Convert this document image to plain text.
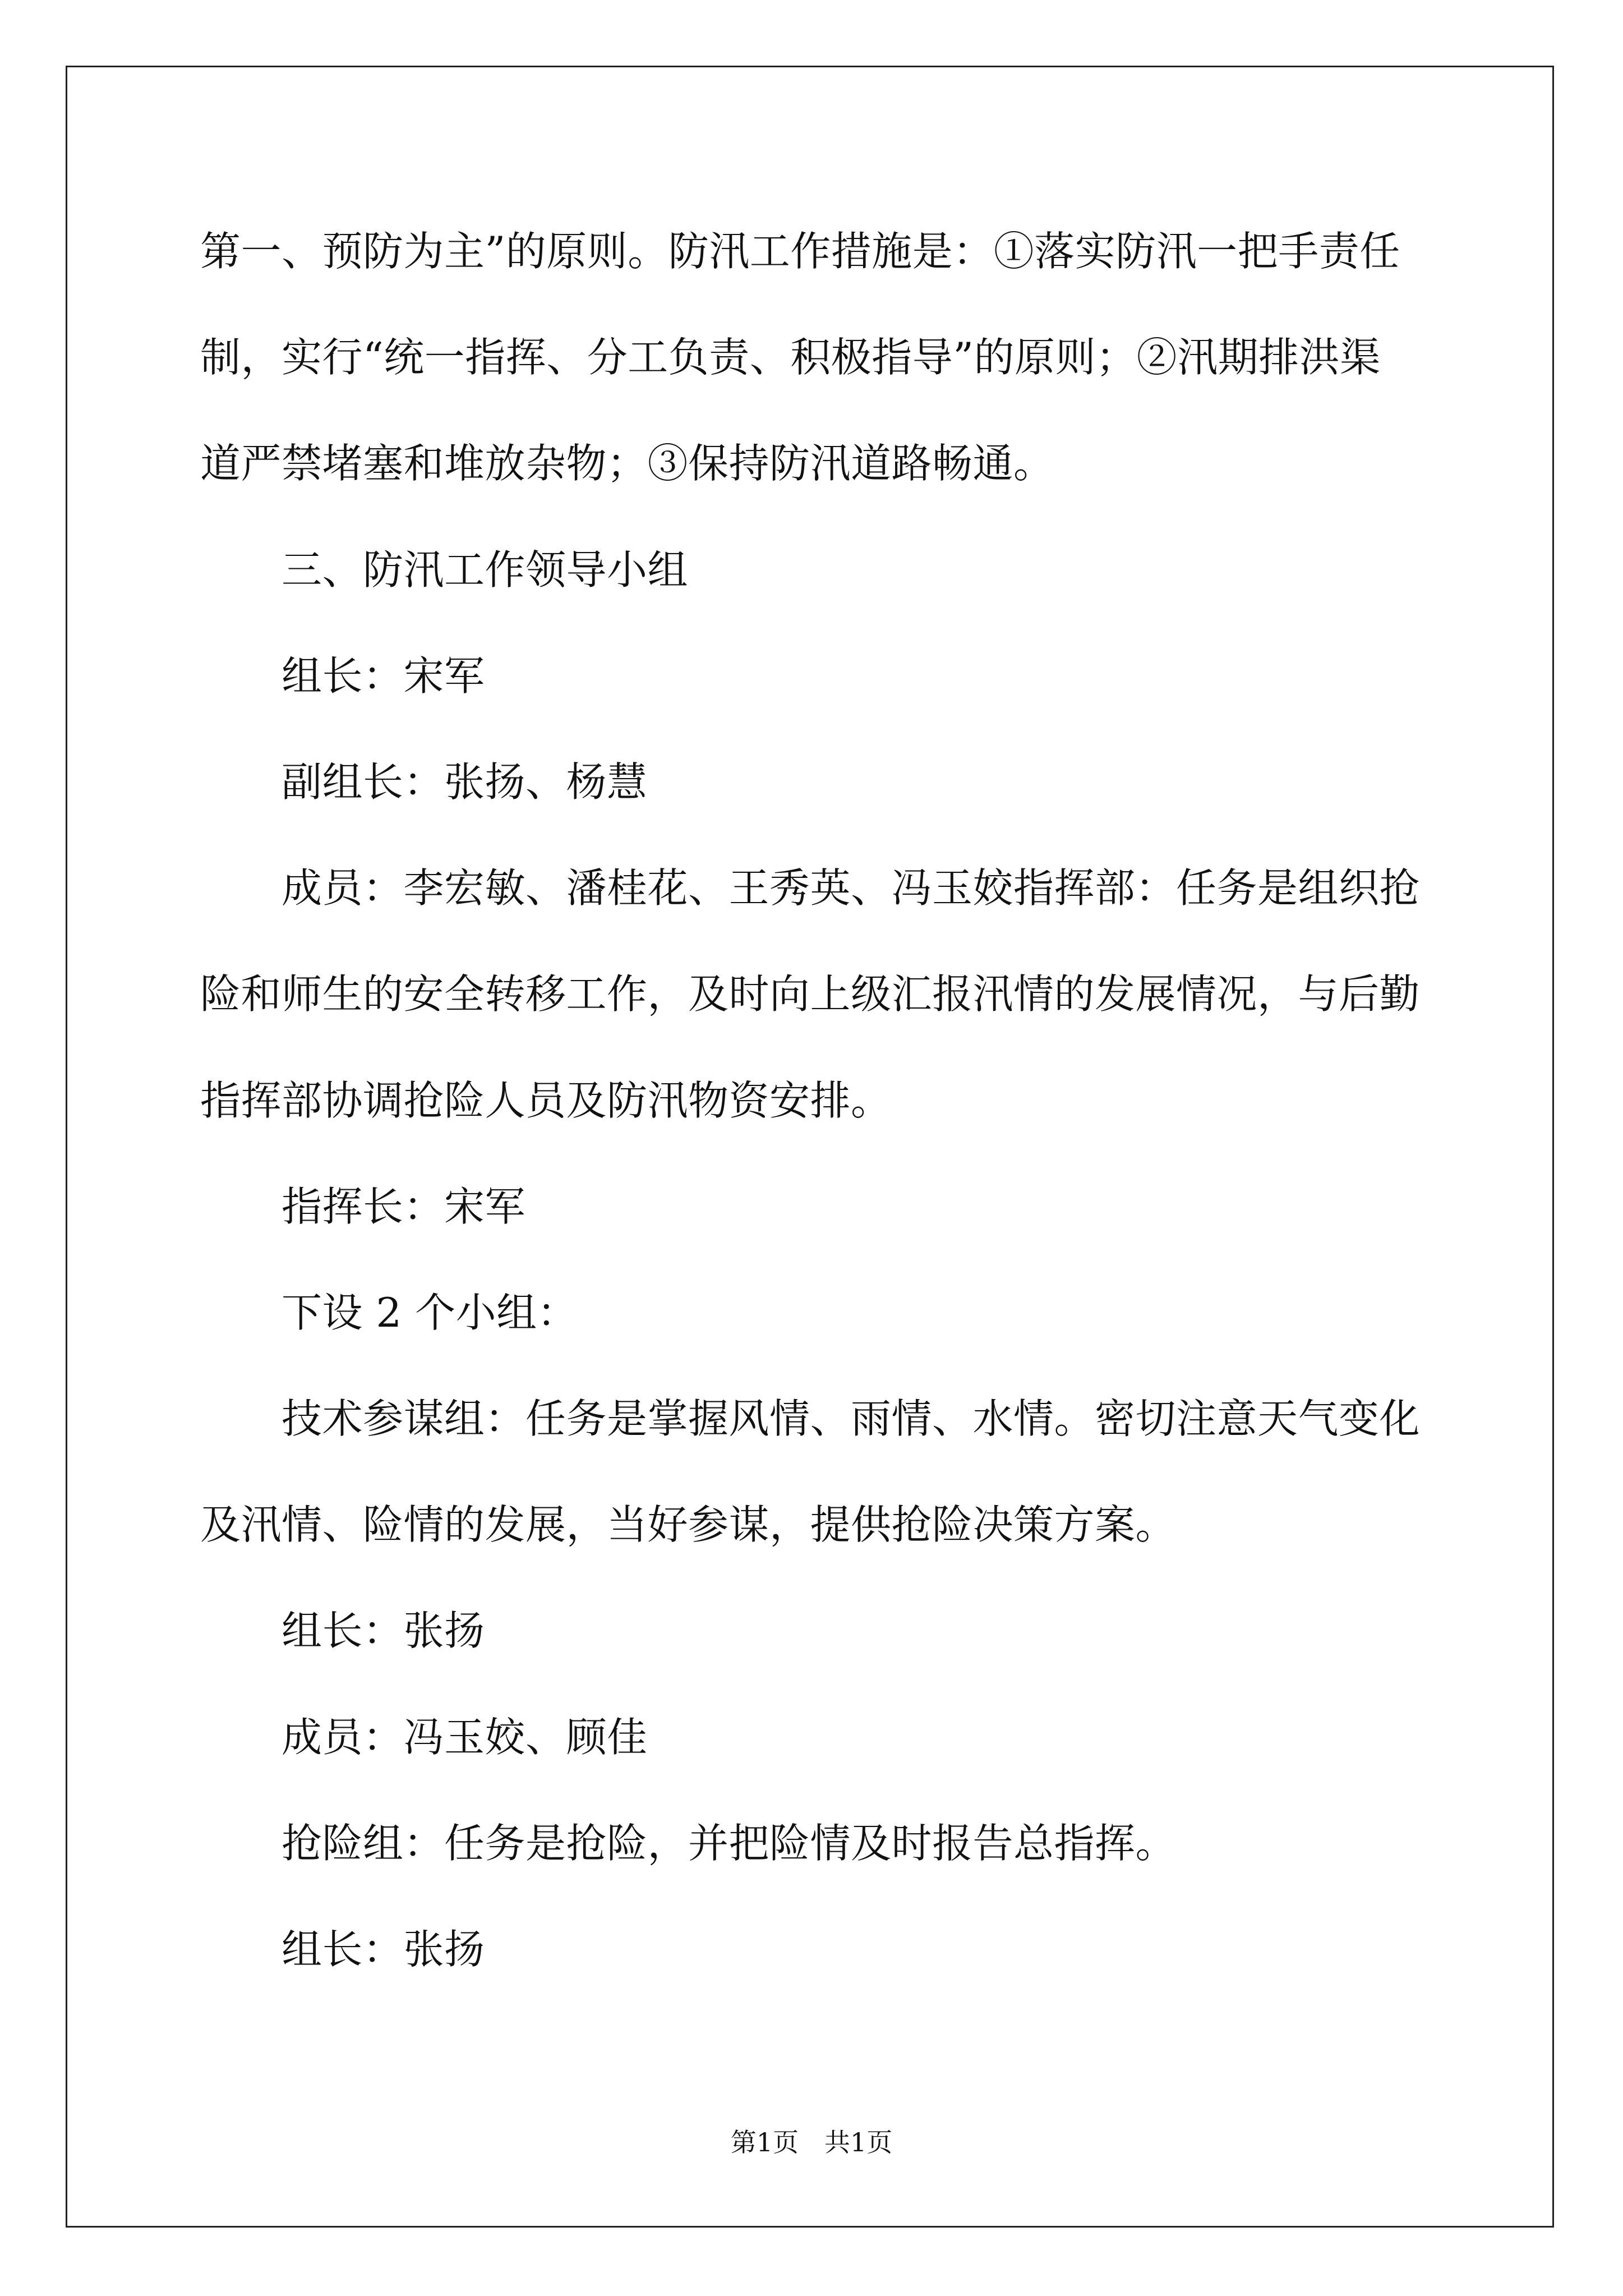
第一、预防为主”的原则。防汛工作措施是：①落实防汛一把手责任
制，实行“统一指挥、分工负责、积极指导”的原则；②汛期排洪渠
道严禁堵塞和堆放杂物；③保持防汛道路畅通。

三、防汛工作领导小组

组长：宋军

副组长：张扬、杨慧

成员：李宏敏、潘桂花、王秀英、冯玉姣指挥部：任务是组织抢
险和师生的安全转移工作，及时向上级汇报汛情的发展情况，与后勤
指挥部协调抢险人员及防汛物资安排。

指挥长：宋军

下设 2 个小组：

技术参谋组：任务是掌握风情、雨情、水情。密切注意天气变化
及汛情、险情的发展，当好参谋，提供抢险决策方案。

组长：张扬

成员：冯玉姣、顾佳

抢险组：任务是抢险，并把险情及时报告总指挥。

组长：张扬

第1页　共1页
